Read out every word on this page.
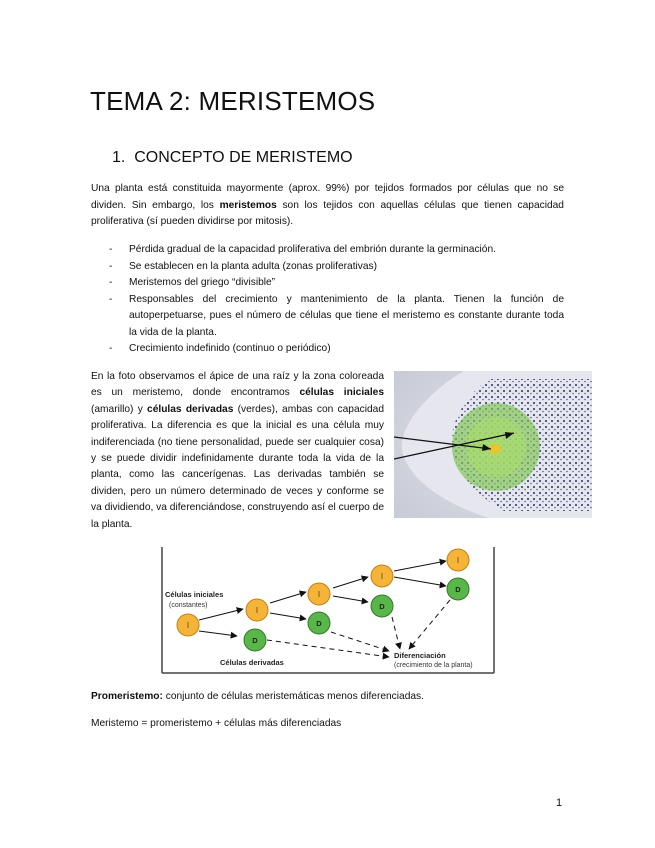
TEMA 2: MERISTEMOS
1. CONCEPTO DE MERISTEMO

Una planta está constituida mayormente (aprox. 99%) por tejidos formados por células que no se dividen. Sin embargo, los meristemos son los tejidos con aquellas células que tienen capacidad proliferativa (sí pueden dividirse por mitosis).

- Pérdida gradual de la capacidad proliferativa del embrión durante la germinación.
- Se establecen en la planta adulta (zonas proliferativas)
- Meristemos del griego “divisible”
- Responsables del crecimiento y mantenimiento de la planta. Tienen la función de autoperpetuarse, pues el número de células que tiene el meristemo es constante durante toda la vida de la planta.
- Crecimiento indefinido (continuo o periódico)

En la foto observamos el ápice de una raíz y la zona coloreada es un meristemo, donde encontramos células iniciales (amarillo) y células derivadas (verdes), ambas con capacidad proliferativa. La diferencia es que la inicial es una célula muy indiferenciada (no tiene personalidad, puede ser cualquier cosa) y se puede dividir indefinidamente durante toda la vida de la planta, como las cancerígenas. Las derivadas también se dividen, pero un número determinado de veces y conforme se va dividiendo, va diferenciándose, construyendo así el cuerpo de la planta.

Células iniciales
(constantes)
Células derivadas
Diferenciación
(crecimiento de la planta)
I
I
D
I
D
I
D
I
D

Promeristemo: conjunto de células meristemáticas menos diferenciadas.

Meristemo = promeristemo + células más diferenciadas

1
